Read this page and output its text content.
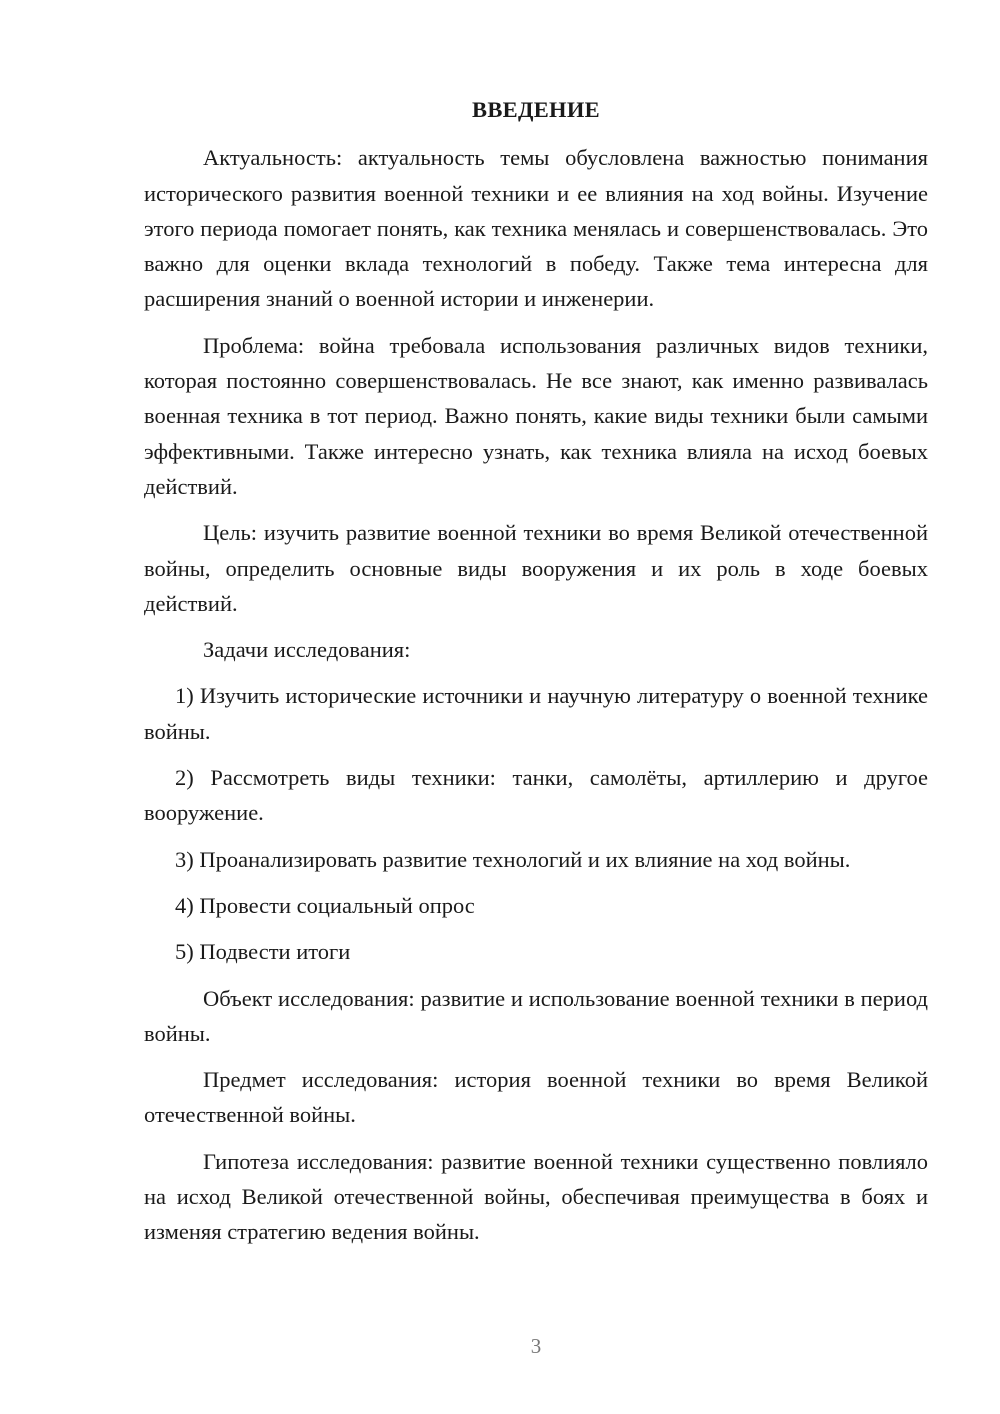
ВВЕДЕНИЕ

Актуальность: актуальность темы обусловлена важностью понимания исторического развития военной техники и ее влияния на ход войны. Изучение этого периода помогает понять, как техника менялась и совершенствовалась. Это важно для оценки вклада технологий в победу. Также тема интересна для расширения знаний о военной истории и инженерии.

Проблема: война требовала использования различных видов техники, которая постоянно совершенствовалась. Не все знают, как именно развивалась военная техника в тот период. Важно понять, какие виды техники были самыми эффективными. Также интересно узнать, как техника влияла на исход боевых действий.

Цель: изучить развитие военной техники во время Великой отечественной войны, определить основные виды вооружения и их роль в ходе боевых действий.

Задачи исследования:

1) Изучить исторические источники и научную литературу о военной технике войны.

2) Рассмотреть виды техники: танки, самолёты, артиллерию и другое вооружение.

3) Проанализировать развитие технологий и их влияние на ход войны.

4) Провести социальный опрос

5) Подвести итоги

Объект исследования: развитие и использование военной техники в период войны.

Предмет исследования: история военной техники во время Великой отечественной войны.

Гипотеза исследования: развитие военной техники существенно повлияло на исход Великой отечественной войны, обеспечивая преимущества в боях и изменяя стратегию ведения войны.

3
